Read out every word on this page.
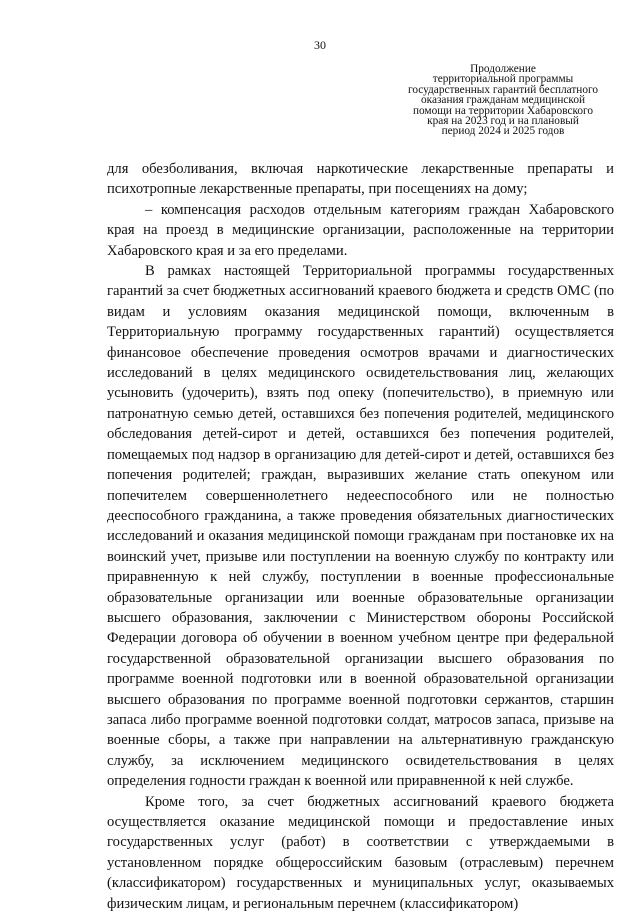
30
Продолжение
территориальной программы
государственных гарантий бесплатного
оказания гражданам медицинской
помощи на территории Хабаровского
края на 2023 год и на плановый
период 2024 и 2025 годов

для обезболивания, включая наркотические лекарственные препараты и психотропные лекарственные препараты, при посещениях на дому;

– компенсация расходов отдельным категориям граждан Хабаровского края на проезд в медицинские организации, расположенные на территории Хабаровского края и за его пределами.

В рамках настоящей Территориальной программы государственных гарантий за счет бюджетных ассигнований краевого бюджета и средств ОМС (по видам и условиям оказания медицинской помощи, включенным в Территориальную программу государственных гарантий) осуществляется финансовое обеспечение проведения осмотров врачами и диагностических исследований в целях медицинского освидетельствования лиц, желающих усыновить (удочерить), взять под опеку (попечительство), в приемную или патронатную семью детей, оставшихся без попечения родителей, медицинского обследования детей-сирот и детей, оставшихся без попечения родителей, помещаемых под надзор в организацию для детей-сирот и детей, оставшихся без попечения родителей; граждан, выразивших желание стать опекуном или попечителем совершеннолетнего недееспособного или не полностью дееспособного гражданина, а также проведения обязательных диагностических исследований и оказания медицинской помощи гражданам при постановке их на воинский учет, призыве или поступлении на военную службу по контракту или приравненную к ней службу, поступлении в военные профессиональные образовательные организации или военные образовательные организации высшего образования, заключении с Министерством обороны Российской Федерации договора об обучении в военном учебном центре при федеральной государственной образовательной организации высшего образования по программе военной подготовки или в военной образовательной организации высшего образования по программе военной подготовки сержантов, старшин запаса либо программе военной подготовки солдат, матросов запаса, призыве на военные сборы, а также при направлении на альтернативную гражданскую службу, за исключением медицинского освидетельствования в целях определения годности граждан к военной или приравненной к ней службе.

Кроме того, за счет бюджетных ассигнований краевого бюджета осуществляется оказание медицинской помощи и предоставление иных государственных услуг (работ) в соответствии с утверждаемыми в установленном порядке общероссийским базовым (отраслевым) перечнем (классификатором) государственных и муниципальных услуг, оказываемых физическим лицам, и региональным перечнем (классификатором)
